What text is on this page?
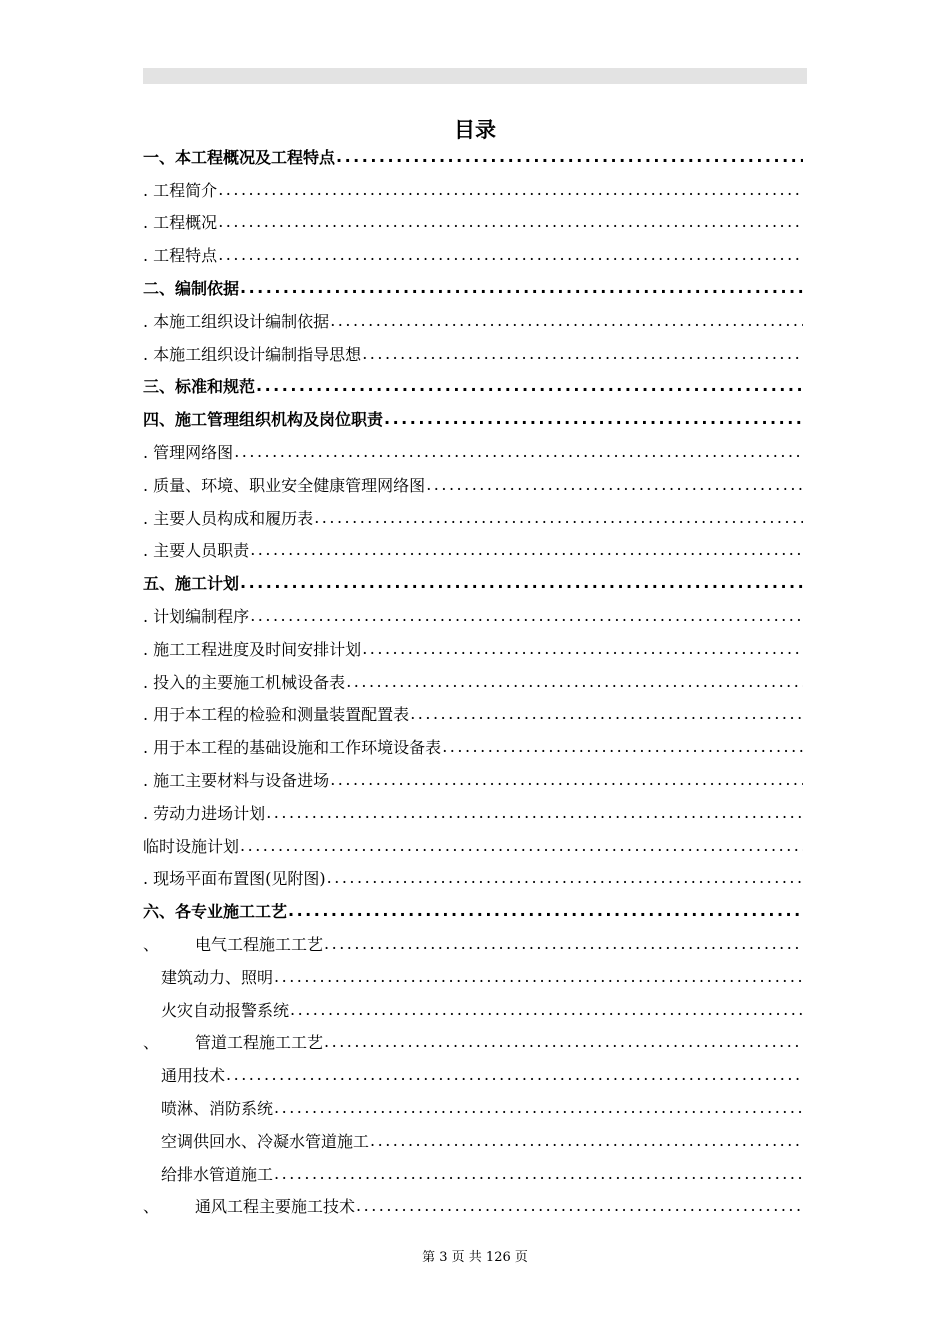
目录
一、本工程概况及工程特点
.....
. 工程简介
.....
. 工程概况
.....
. 工程特点
.....
二、编制依据
.....
. 本施工组织设计编制依据
.....
. 本施工组织设计编制指导思想
.....
三、标准和规范
.....
四、施工管理组织机构及岗位职责
.....
. 管理网络图
.....
. 质量、环境、职业安全健康管理网络图
.....
. 主要人员构成和履历表
.....
. 主要人员职责
.....
五、施工计划
.....
. 计划编制程序
.....
. 施工工程进度及时间安排计划
.....
. 投入的主要施工机械设备表
.....
. 用于本工程的检验和测量装置配置表
.....
. 用于本工程的基础设施和工作环境设备表
.....
. 施工主要材料与设备进场
.....
. 劳动力进场计划
.....
临时设施计划
.....
. 现场平面布置图(见附图)
.....
六、各专业施工工艺
.....
、	电气工程施工工艺
.....
建筑动力、照明
.....
火灾自动报警系统
.....
、	管道工程施工工艺
.....
通用技术
.....
喷淋、消防系统
.....
空调供回水、冷凝水管道施工
.....
给排水管道施工
.....
、	通风工程主要施工技术
.....
第 3 页 共 126 页
